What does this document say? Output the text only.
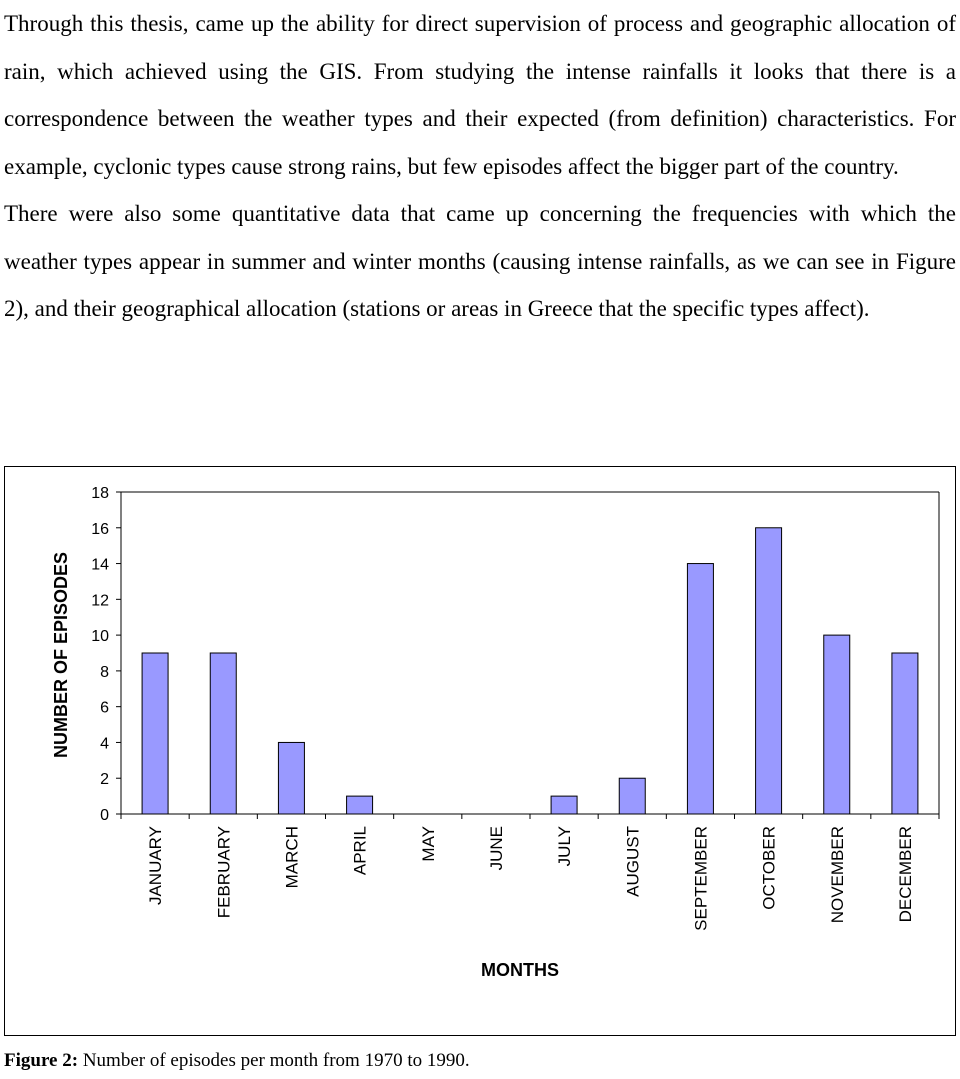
Through this thesis, came up the ability for direct supervision of process and geographic allocation of rain, which achieved using the GIS. From studying the intense rainfalls it looks that there is a correspondence between the weather types and their expected (from definition) characteristics. For example, cyclonic types cause strong rains, but few episodes affect the bigger part of the country.

There were also some quantitative data that came up concerning the frequencies with which the weather types appear in summer and winter months (causing intense rainfalls, as we can see in Figure 2), and their geographical allocation (stations or areas in Greece that the specific types affect).

0
2
4
6
8
10
12
14
16
18
JANUARY	FEBRUARY	MARCH	APRIL	MAY	JUNE	JULY	AUGUST	SEPTEMBER	OCTOBER	NOVEMBER	DECEMBER
MONTHS
NUMBER OF EPISODES
Figure 2: Number of episodes per month from 1970 to 1990.
